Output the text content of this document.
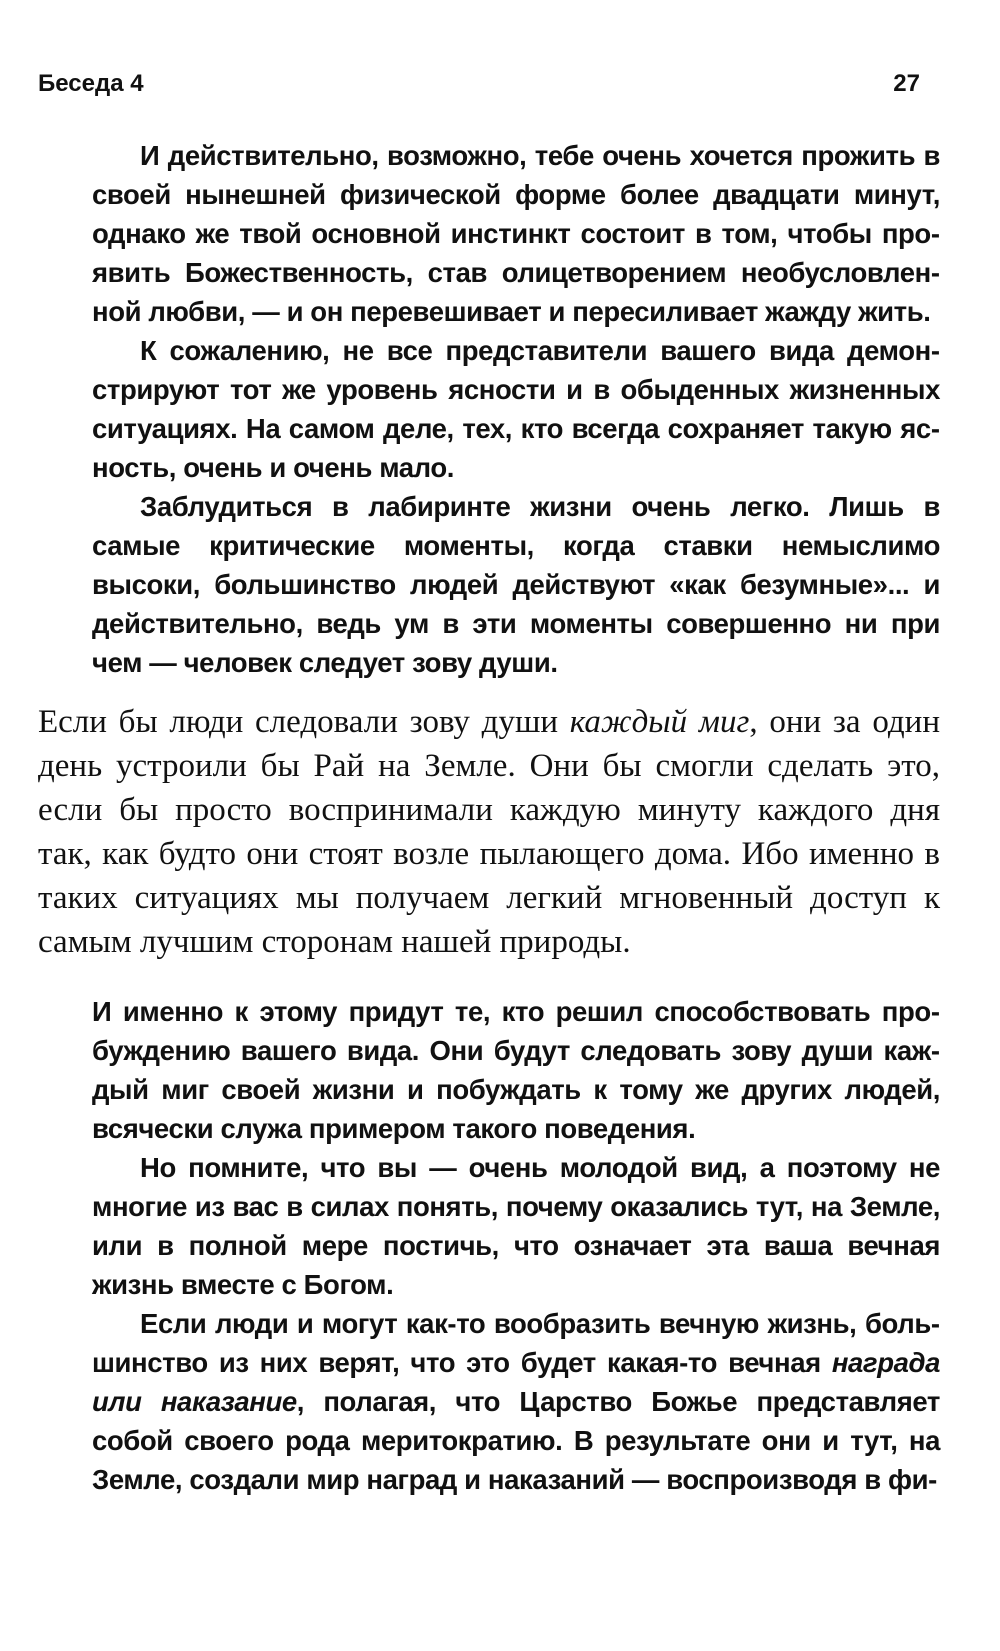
Беседа 4	27

И действительно, возможно, тебе очень хочется прожить в своей нынешней физической форме более двадцати минут, однако же твой основной инстинкт состоит в том, чтобы проявить Божественность, став олицетворением необусловленной любви, — и он перевешивает и пересиливает жажду жить.

К сожалению, не все представители вашего вида демонстрируют тот же уровень ясности и в обыденных жизненных ситуациях. На самом деле, тех, кто всегда сохраняет такую ясность, очень и очень мало.

Заблудиться в лабиринте жизни очень легко. Лишь в самые критические моменты, когда ставки немыслимо высоки, большинство людей действуют «как безумные»... и действительно, ведь ум в эти моменты совершенно ни при чем — человек следует зову души.

Если бы люди следовали зову души каждый миг, они за один день устроили бы Рай на Земле. Они бы смогли сделать это, если бы просто воспринимали каждую минуту каждого дня так, как будто они стоят возле пылающего дома. Ибо именно в таких ситуациях мы получаем легкий мгновенный доступ к самым лучшим сторонам нашей природы.

И именно к этому придут те, кто решил способствовать пробуждению вашего вида. Они будут следовать зову души каждый миг своей жизни и побуждать к тому же других людей, всячески служа примером такого поведения.

Но помните, что вы — очень молодой вид, а поэтому не многие из вас в силах понять, почему оказались тут, на Земле, или в полной мере постичь, что означает эта ваша вечная жизнь вместе с Богом.

Если люди и могут как-то вообразить вечную жизнь, большинство из них верят, что это будет какая-то вечная награда или наказание, полагая, что Царство Божье представляет собой своего рода меритократию. В результате они и тут, на Земле, создали мир наград и наказаний — воспроизводя в фи-
